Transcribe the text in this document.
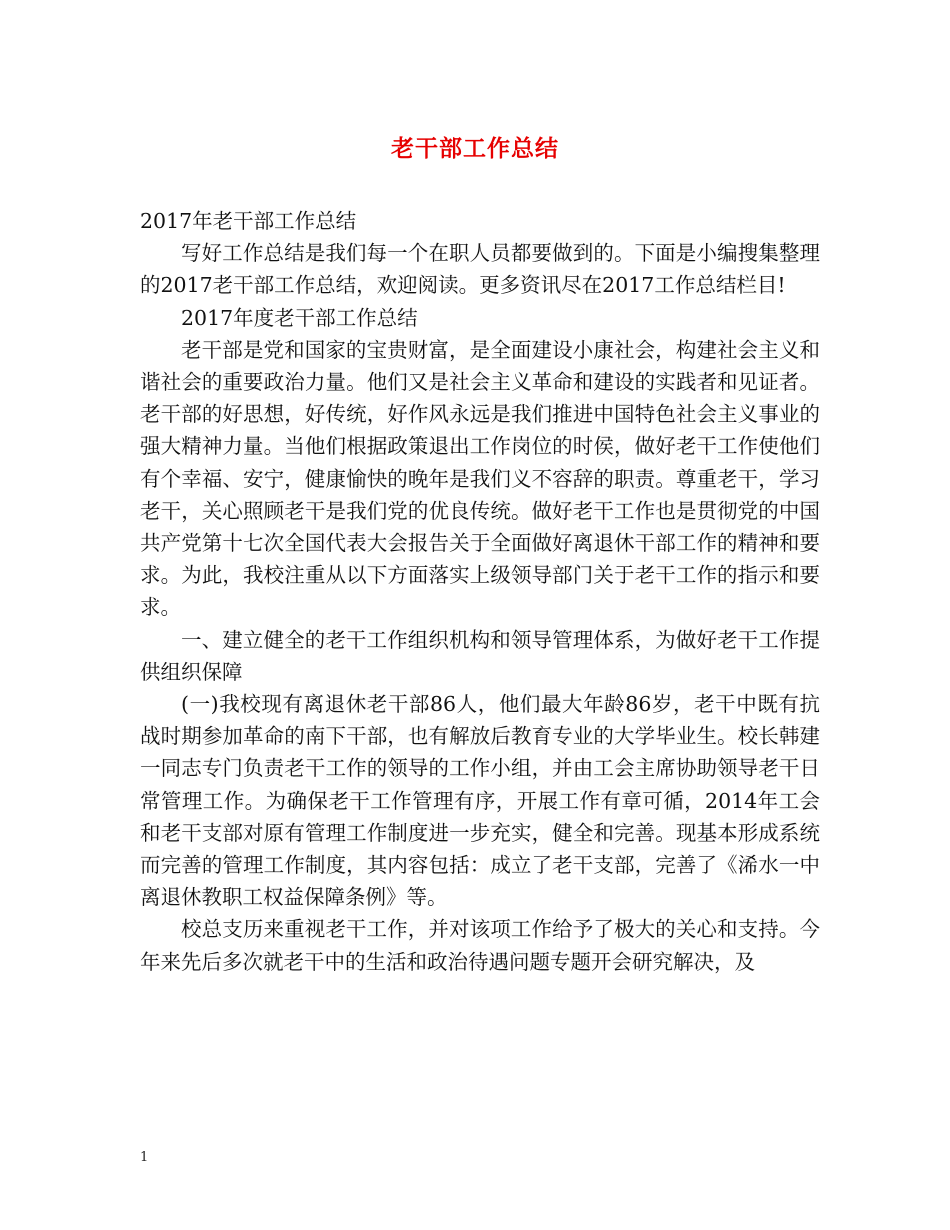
老干部工作总结

2017年老干部工作总结

写好工作总结是我们每一个在职人员都要做到的。下面是小编搜集整理的2017老干部工作总结，欢迎阅读。更多资讯尽在2017工作总结栏目!

2017年度老干部工作总结

老干部是党和国家的宝贵财富，是全面建设小康社会，构建社会主义和谐社会的重要政治力量。他们又是社会主义革命和建设的实践者和见证者。老干部的好思想，好传统，好作风永远是我们推进中国特色社会主义事业的强大精神力量。当他们根据政策退出工作岗位的时侯，做好老干工作使他们有个幸福、安宁，健康愉快的晚年是我们义不容辞的职责。尊重老干，学习老干，关心照顾老干是我们党的优良传统。做好老干工作也是贯彻党的中国共产党第十七次全国代表大会报告关于全面做好离退休干部工作的精神和要求。为此，我校注重从以下方面落实上级领导部门关于老干工作的指示和要求。

一、建立健全的老干工作组织机构和领导管理体系，为做好老干工作提供组织保障

(一)我校现有离退休老干部86人，他们最大年龄86岁，老干中既有抗战时期参加革命的南下干部，也有解放后教育专业的大学毕业生。校长韩建一同志专门负责老干工作的领导的工作小组，并由工会主席协助领导老干日常管理工作。为确保老干工作管理有序，开展工作有章可循，2014年工会和老干支部对原有管理工作制度进一步充实，健全和完善。现基本形成系统而完善的管理工作制度，其内容包括：成立了老干支部，完善了《浠水一中离退休教职工权益保障条例》等。

校总支历来重视老干工作，并对该项工作给予了极大的关心和支持。今年来先后多次就老干中的生活和政治待遇问题专题开会研究解决，及

1
